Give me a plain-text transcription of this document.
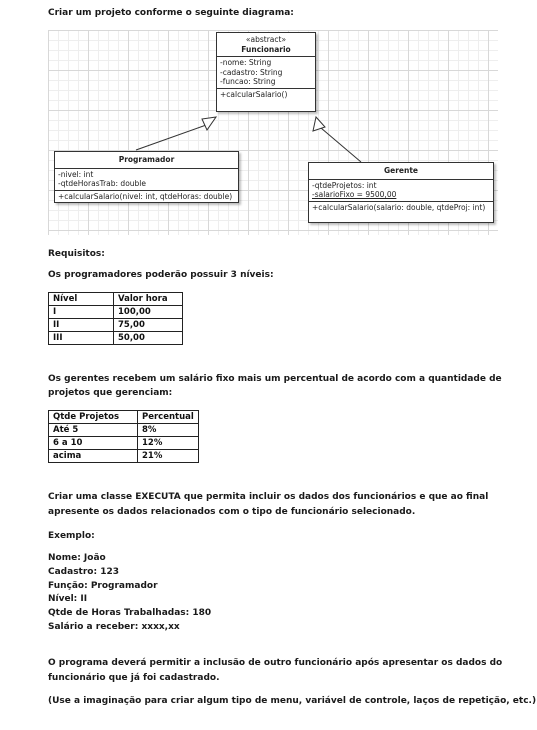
Criar um projeto conforme o seguinte diagrama:
«abstract»
Funcionario
-nome: String
-cadastro: String
-funcao: String
+calcularSalario()
Programador
-nivel: int
-qtdeHorasTrab: double
+calcularSalario(nivel: int, qtdeHoras: double)
Gerente
-qtdeProjetos: int
-salarioFixo = 9500,00
+calcularSalario(salario: double, qtdeProj: int)
Requisitos:
Os programadores poderão possuir 3 níveis:
Nível	Valor hora
I	100,00
II	75,00
III	50,00
Os gerentes recebem um salário fixo mais um percentual de acordo com a quantidade de
projetos que gerenciam:
Qtde Projetos	Percentual
Até 5	8%
6 a 10	12%
acima	21%
Criar uma classe EXECUTA que permita incluir os dados dos funcionários e que ao final
apresente os dados relacionados com o tipo de funcionário selecionado.
Exemplo:
Nome: João
Cadastro: 123
Função: Programador
Nível: II
Qtde de Horas Trabalhadas: 180
Salário a receber: xxxx,xx
O programa deverá permitir a inclusão de outro funcionário após apresentar os dados do
funcionário que já foi cadastrado.
(Use a imaginação para criar algum tipo de menu, variável de controle, laços de repetição, etc.)
